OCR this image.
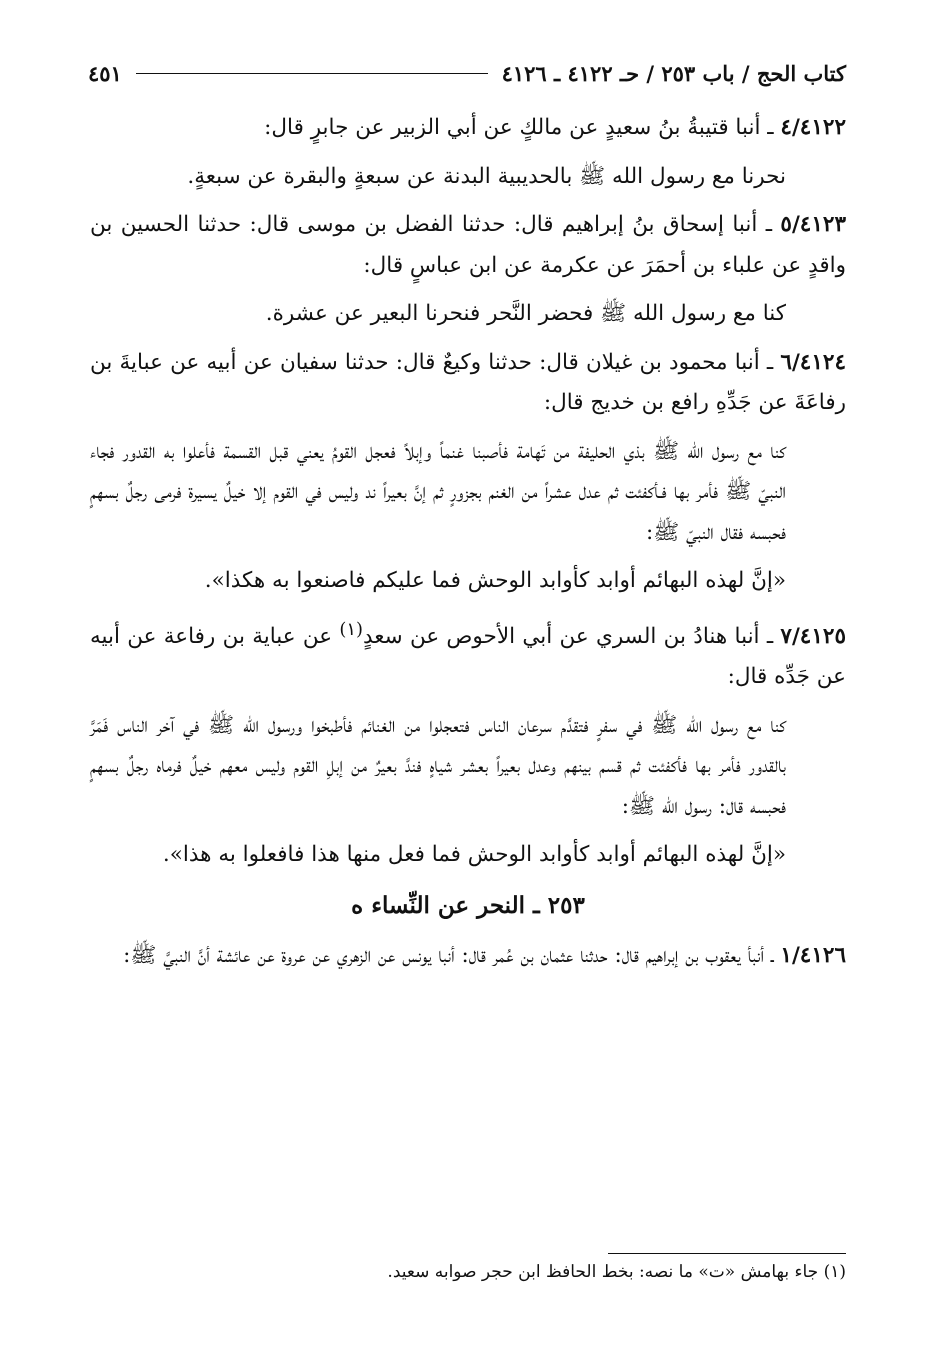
كتاب الحج / باب ٢٥٣ / حـ ٤١٢٢ ـ ٤١٢٦
٤٥١

٤/٤١٢٢ ـ أنبا قتيبةُ بنُ سعيدٍ عن مالكٍ عن أبي الزبير عن جابرٍ قال:

نحرنا مع رسول الله ﷺ بالحديبية البدنة عن سبعةٍ والبقرة عن سبعةٍ.

٥/٤١٢٣ ـ أنبا إسحاق بنُ إبراهيم قال: حدثنا الفضل بن موسى قال: حدثنا الحسين بن واقدٍ عن علباء بن أحمَرَ عن عكرمة عن ابن عباسٍ قال:

كنا مع رسول الله ﷺ فحضر النَّحر فنحرنا البعير عن عشرة.

٦/٤١٢٤ ـ أنبا محمود بن غيلان قال: حدثنا وكيعٌ قال: حدثنا سفيان عن أبيه عن عبايةَ بن رفاعَةَ عن جَدِّهِ رافع بن خديج قال:

كنا مع رسول الله ﷺ بذي الحليفة من تَهامة فأصبنا غنماً وإبلاً فعجل القومُ يعني قبل القسمة فأعلوا به القدور فجاء النبيّ ﷺ فأمر بها فـأكفئت ثم عدل عشراً من الغنم بجزورٍ ثم إنَّ بعيراً ند وليس في القوم إلا خيلٌ يسيرة فرمى رجلٌ بسهمٍ فحبسه فقال النبيّ ﷺ:

«إنَّ لهذه البهائم أوابد كأوابد الوحش فما عليكم فاصنعوا به هكذا».

٧/٤١٢٥ ـ أنبا هنادُ بن السري عن أبي الأحوص عن سعدٍ$^{(١)}$ عن عباية بن رفاعة عن أبيه عن جَدِّه قال:

كنا مع رسول الله ﷺ في سفرٍ فتقدَّم سرعان الناس فتعجلوا من الغنائم فأطبخوا ورسول الله ﷺ في آخر الناس فَمَرَّ بالقدور فأمر بها فأكفئت ثم قسم بينهم وعدل بعيراً بعشر شياهٍ فندَّ بعيرٌ من إبلِ القوم وليس معهم خيلٌ فرماه رجلٌ بسهمٍ فحبسه قال: رسول الله ﷺ:

«إنَّ لهذه البهائم أوابد كأوابد الوحش فما فعل منها هذا فافعلوا به هذا».

٢٥٣ ـ النحر عن النِّساء ه

١/٤١٢٦ ـ أنبأ يعقوب بن إبراهيم قال: حدثنا عثمان بن عُمر قال: أنبا يونس عن الزهري عن عروة عن عائشة أنَّ النبيَّ ﷺ:

(١) جاء بهامش «ت» ما نصه: بخط الحافظ ابن حجر صوابه سعيد.
